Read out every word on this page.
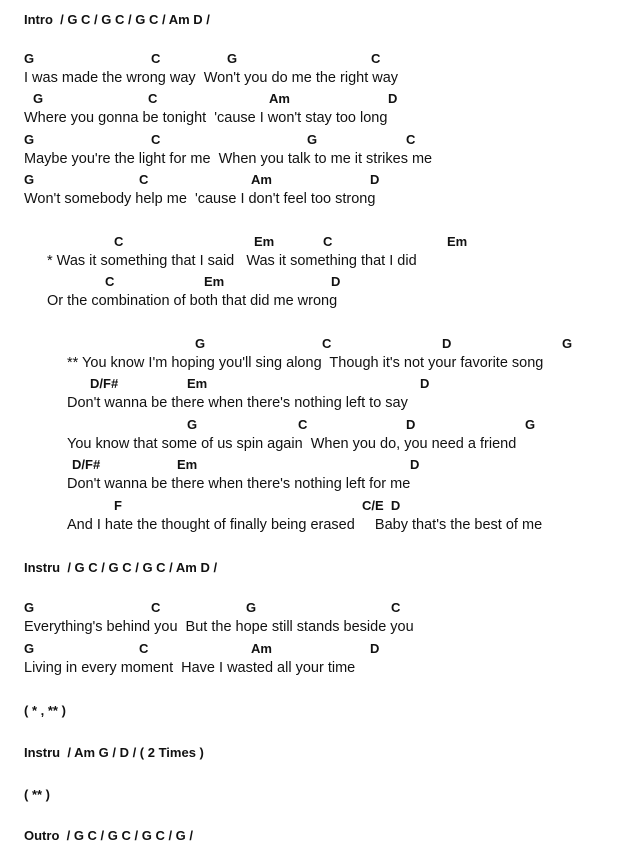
Intro  / G C / G C / G C / Am D /
G	C	G	C
I was made the wrong way  Won't you do me the right way
G	C	Am	D
Where you gonna be tonight  'cause I won't stay too long
G	C	G	C
Maybe you're the light for me  When you talk to me it strikes me
G	C	Am	D
Won't somebody help me  'cause I don't feel too strong
C	Em	C	Em
* Was it something that I said   Was it something that I did
C	Em	D
Or the combination of both that did me wrong
G	C	D	G
** You know I'm hoping you'll sing along  Though it's not your favorite song
D/F#	Em	D
Don't wanna be there when there's nothing left to say
G	C	D	G
You know that some of us spin again  When you do, you need a friend
D/F#	Em	D
Don't wanna be there when there's nothing left for me
F	C/E  D
And I hate the thought of finally being erased     Baby that's the best of me
Instru  / G C / G C / G C / Am D /
G	C	G	C
Everything's behind you  But the hope still stands beside you
G	C	Am	D
Living in every moment  Have I wasted all your time
( * , ** )
Instru  / Am G / D / ( 2 Times )
( ** )
Outro  / G C / G C / G C / G /
